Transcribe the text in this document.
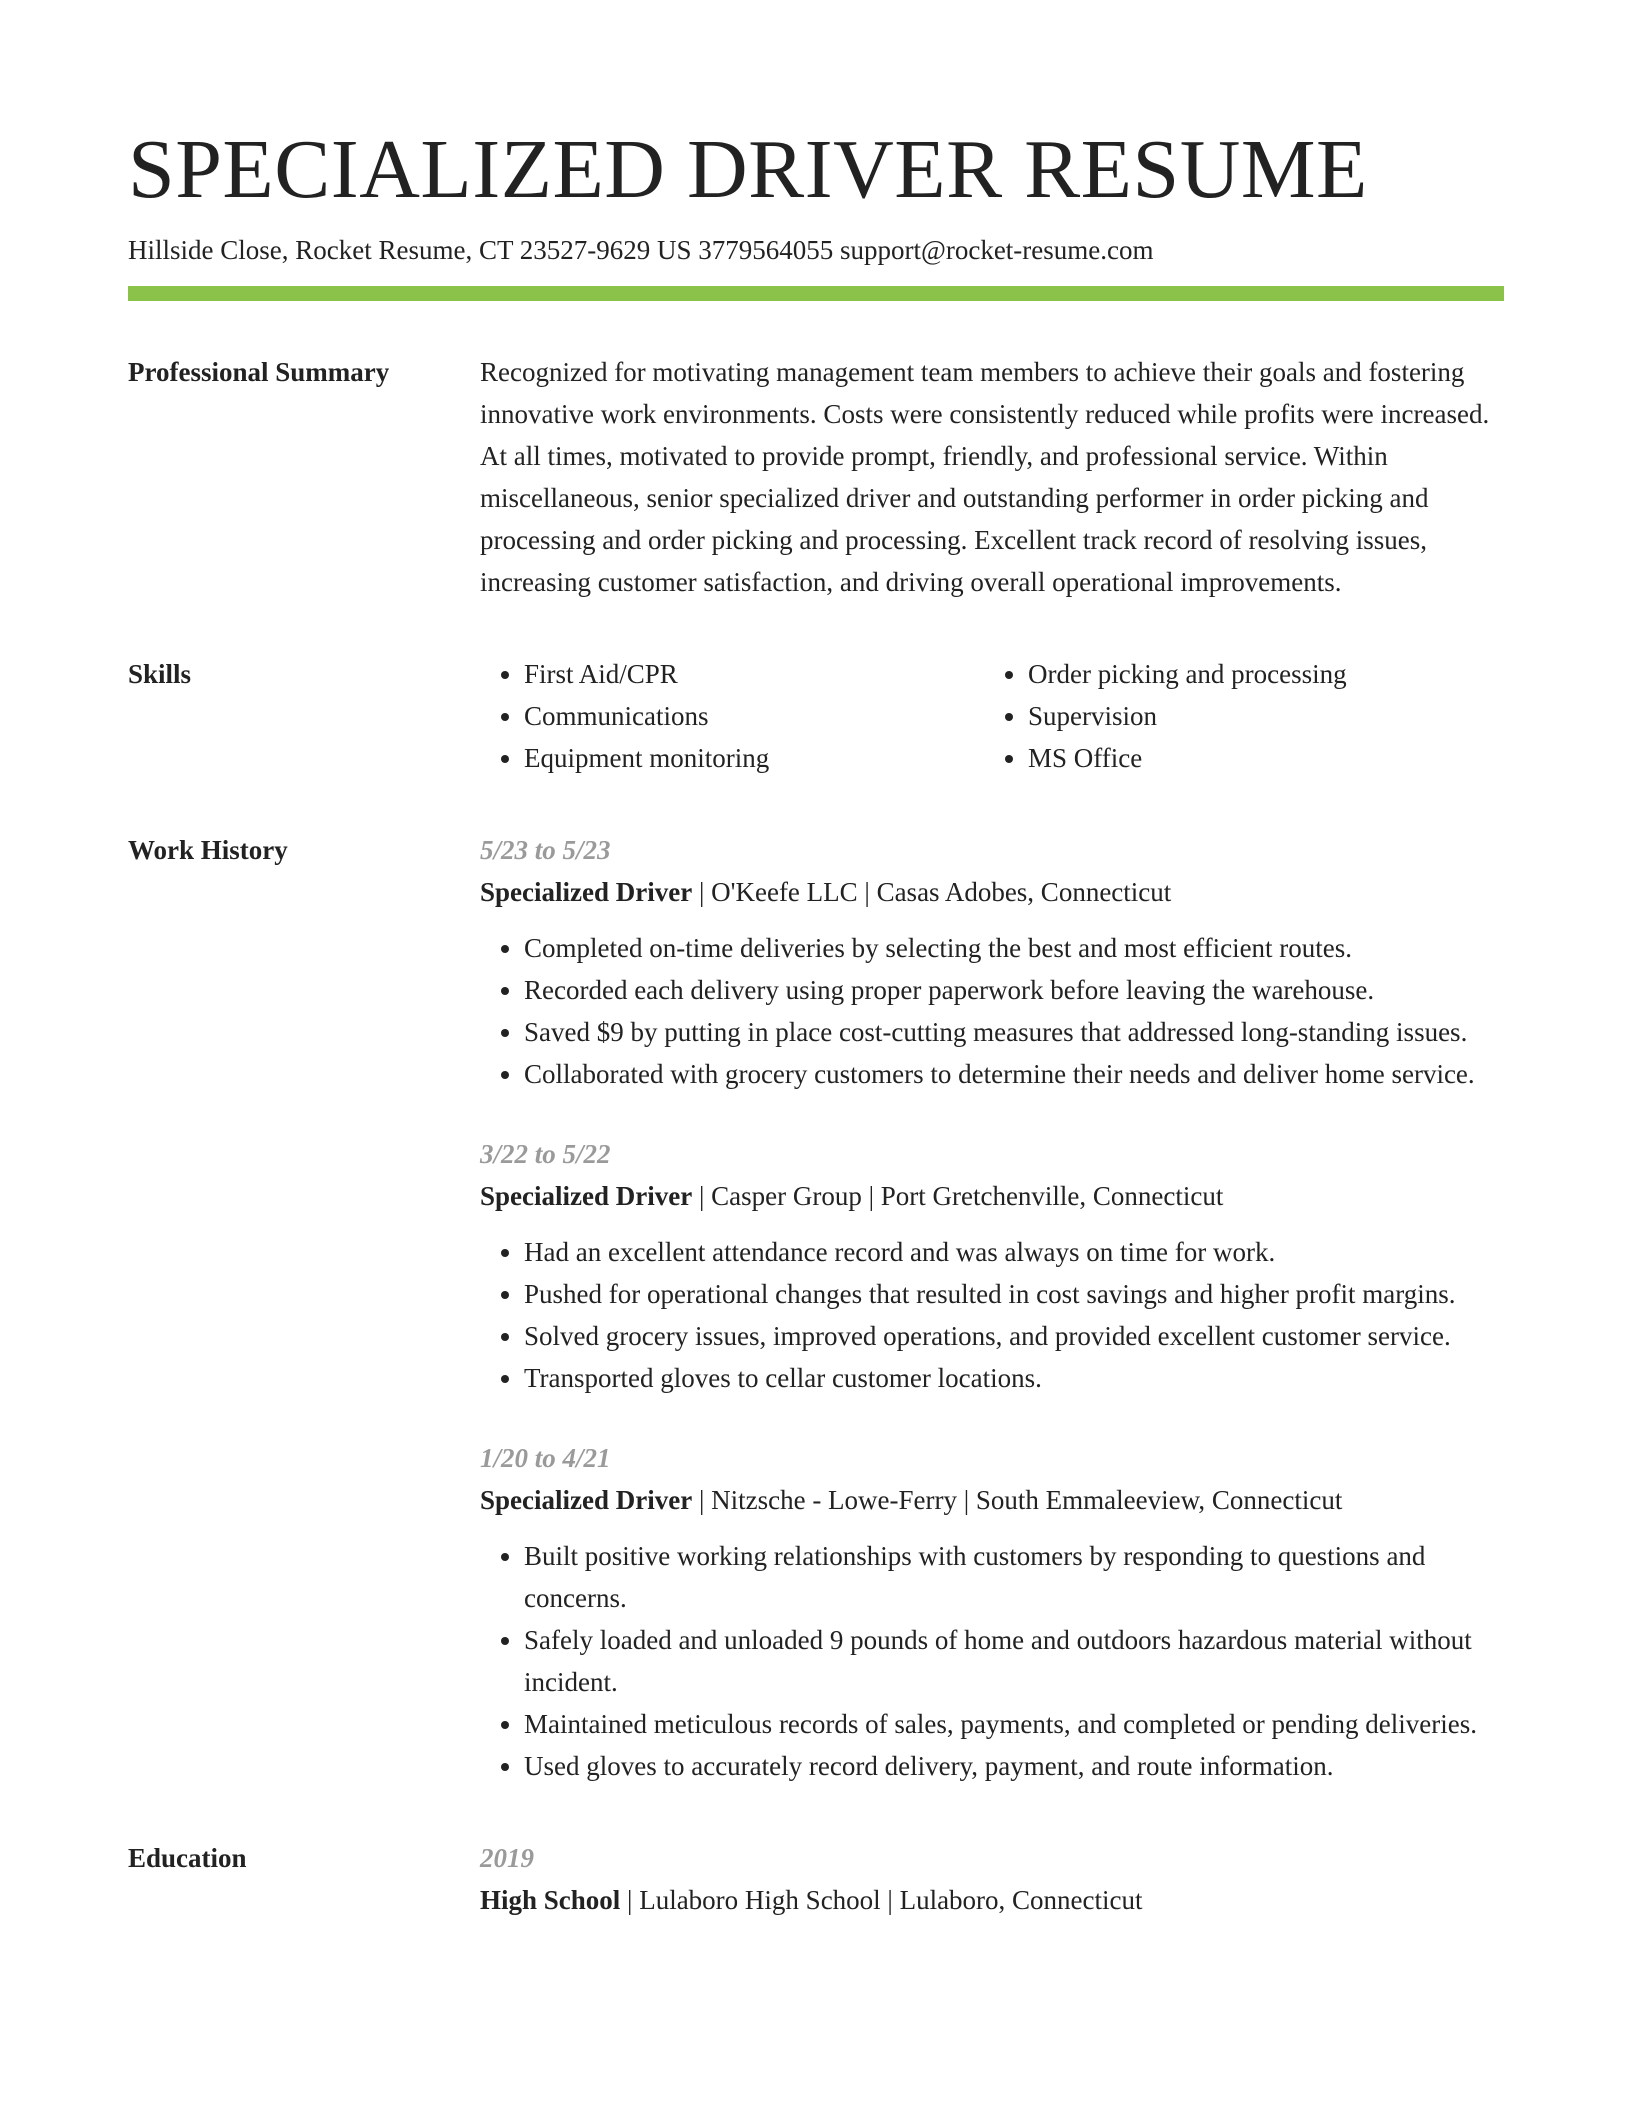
SPECIALIZED DRIVER RESUME
Hillside Close, Rocket Resume, CT 23527-9629 US 3779564055 support@rocket-resume.com
Professional Summary	Recognized for motivating management team members to achieve their goals and fostering innovative work environments. Costs were consistently reduced while profits were increased. At all times, motivated to provide prompt, friendly, and professional service. Within miscellaneous, senior specialized driver and outstanding performer in order picking and processing and order picking and processing. Excellent track record of resolving issues, increasing customer satisfaction, and driving overall operational improvements.

Skills
•	First Aid/CPR
• Communications
• Equipment monitoring
• Order picking and processing
• Supervision
• MS Office
Work History	5/23 to 5/23
Specialized Driver | O'Keefe LLC | Casas Adobes, Connecticut
• Completed on-time deliveries by selecting the best and most efficient routes.
• Recorded each delivery using proper paperwork before leaving the warehouse.
• Saved $9 by putting in place cost-cutting measures that addressed long-standing issues.
• Collaborated with grocery customers to determine their needs and deliver home service.
3/22 to 5/22
Specialized Driver | Casper Group | Port Gretchenville, Connecticut
• Had an excellent attendance record and was always on time for work.
• Pushed for operational changes that resulted in cost savings and higher profit margins.
• Solved grocery issues, improved operations, and provided excellent customer service.
• Transported gloves to cellar customer locations.
1/20 to 4/21
Specialized Driver | Nitzsche - Lowe-Ferry | South Emmaleeview, Connecticut
• Built positive working relationships with customers by responding to questions and concerns.
• Safely loaded and unloaded 9 pounds of home and outdoors hazardous material without incident.
• Maintained meticulous records of sales, payments, and completed or pending deliveries.
• Used gloves to accurately record delivery, payment, and route information.
Education	2019
High School | Lulaboro High School | Lulaboro, Connecticut
